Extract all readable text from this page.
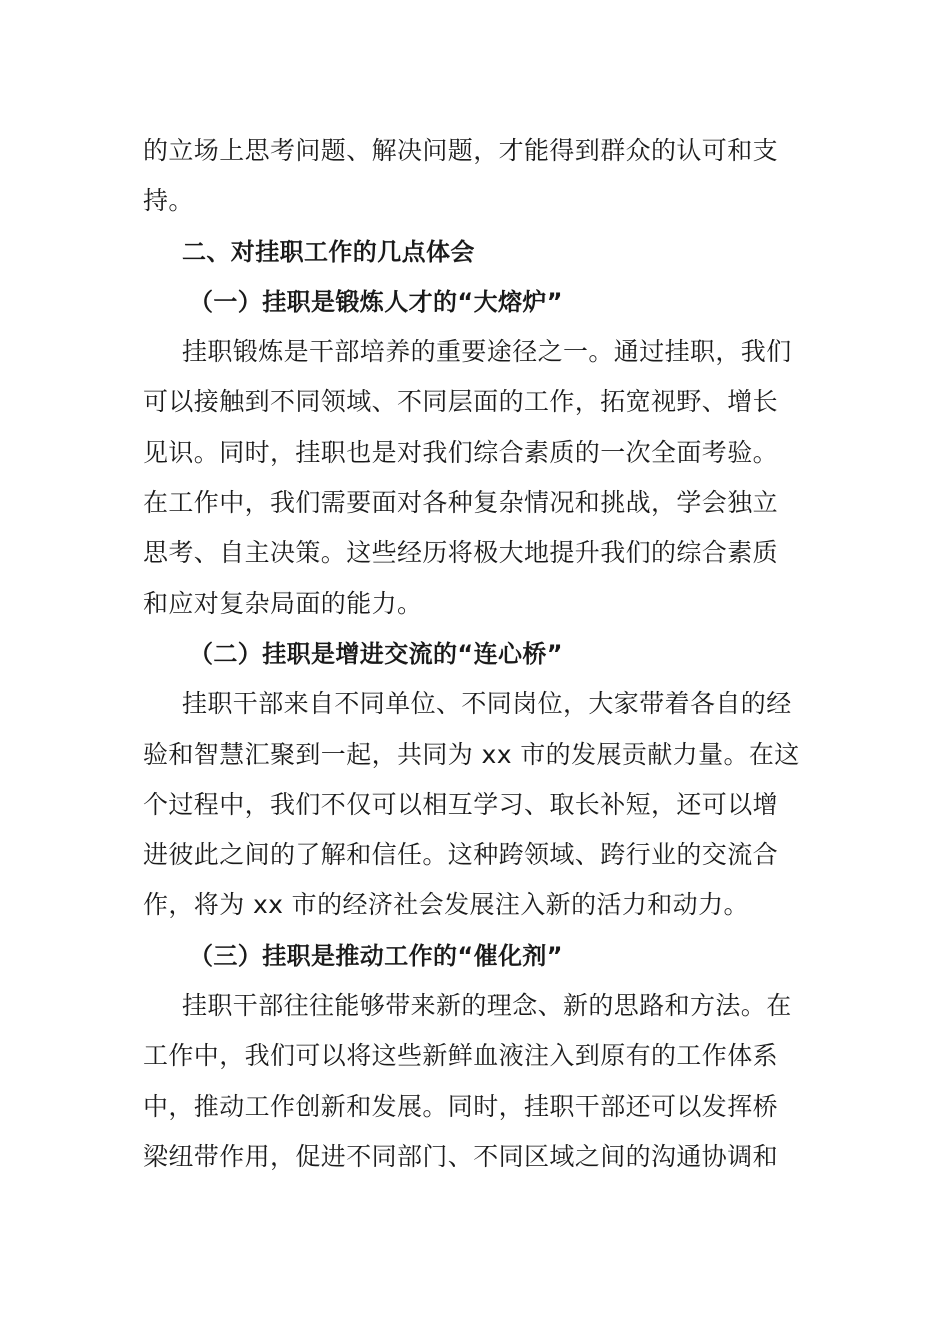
的立场上思考问题、解决问题，才能得到群众的认可和支
持。
二、对挂职工作的几点体会
（一）挂职是锻炼人才的“大熔炉”
挂职锻炼是干部培养的重要途径之一。通过挂职，我们
可以接触到不同领域、不同层面的工作，拓宽视野、增长
见识。同时，挂职也是对我们综合素质的一次全面考验。
在工作中，我们需要面对各种复杂情况和挑战，学会独立
思考、自主决策。这些经历将极大地提升我们的综合素质
和应对复杂局面的能力。
（二）挂职是增进交流的“连心桥”
挂职干部来自不同单位、不同岗位，大家带着各自的经
验和智慧汇聚到一起，共同为 xx 市的发展贡献力量。在这
个过程中，我们不仅可以相互学习、取长补短，还可以增
进彼此之间的了解和信任。这种跨领域、跨行业的交流合
作，将为 xx 市的经济社会发展注入新的活力和动力。
（三）挂职是推动工作的“催化剂”
挂职干部往往能够带来新的理念、新的思路和方法。在
工作中，我们可以将这些新鲜血液注入到原有的工作体系
中，推动工作创新和发展。同时，挂职干部还可以发挥桥
梁纽带作用，促进不同部门、不同区域之间的沟通协调和
